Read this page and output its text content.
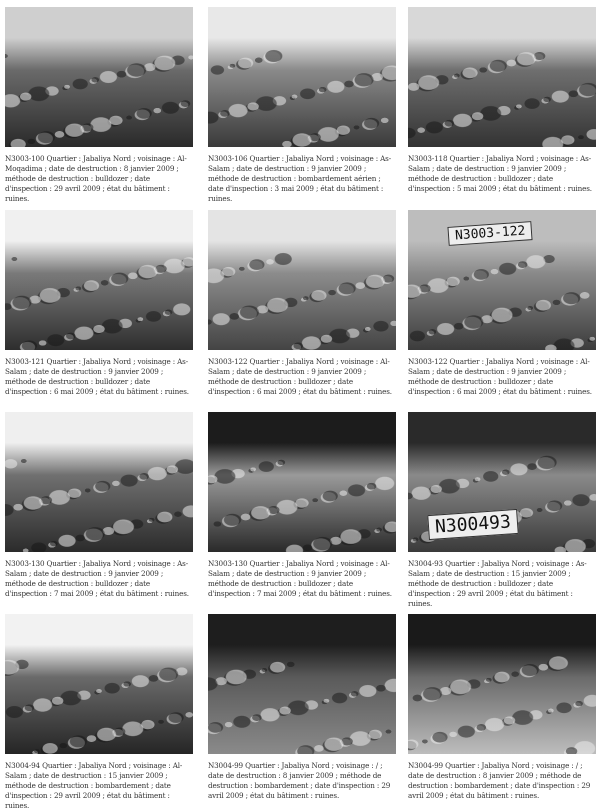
N3003-100 Quartier : Jabaliya Nord ; voisinage : Al-Moqadima ; date de destruction : 8 janvier 2009 ; méthode de destruction : bulldozer ; date d'inspection : 29 avril 2009 ; état du bâtiment : ruines.
N3003-106 Quartier : Jabaliya Nord ; voisinage : As-Salam ; date de destruction : 9 janvier 2009 ; méthode de destruction : bombardement aérien ; date d'inspection : 3 mai 2009 ; état du bâtiment : ruines.
N3003-118 Quartier : Jabaliya Nord ; voisinage : As-Salam ; date de destruction : 9 janvier 2009 ; méthode de destruction : bulldozer ; date d'inspection : 5 mai 2009 ; état du bâtiment : ruines.
N3003-121 Quartier : Jabaliya Nord ; voisinage : As-Salam ; date de destruction : 9 janvier 2009 ; méthode de destruction : bulldozer ; date d'inspection : 6 mai 2009 ; état du bâtiment : ruines.
N3003-122 Quartier : Jabaliya Nord ; voisinage : Al-Salam ; date de destruction : 9 janvier 2009 ; méthode de destruction : bulldozer ; date d'inspection : 6 mai 2009 ; état du bâtiment : ruines.
N3003-122
N3003-122 Quartier : Jabaliya Nord ; voisinage : Al-Salam ; date de destruction : 9 janvier 2009 ; méthode de destruction : bulldozer ; date d'inspection : 6 mai 2009 ; état du bâtiment : ruines.
N3003-130 Quartier : Jabaliya Nord ; voisinage : As-Salam ; date de destruction : 9 janvier 2009 ; méthode de destruction : bulldozer ; date d'inspection : 7 mai 2009 ; état du bâtiment : ruines.
N3003-130 Quartier : Jabaliya Nord ; voisinage : Al-Salam ; date de destruction : 9 janvier 2009 ; méthode de destruction : bulldozer ; date d'inspection : 7 mai 2009 ; état du bâtiment : ruines.
N300493
N3004-93 Quartier : Jabaliya Nord ; voisinage : As-Salam ; date de destruction : 15 janvier 2009 ; méthode de destruction : bulldozer ; date d'inspection : 29 avril 2009 ; état du bâtiment : ruines.
N3004-94 Quartier : Jabaliya Nord ; voisinage : Al-Salam ; date de destruction : 15 janvier 2009 ; méthode de destruction : bombardement ; date d'inspection : 29 avril 2009 ; état du bâtiment : ruines.
N3004-99 Quartier : Jabaliya Nord ; voisinage : / ; date de destruction : 8 janvier 2009 ; méthode de destruction : bombardement ; date d'inspection : 29 avril 2009 ; état du bâtiment : ruines.
N3004-99 Quartier : Jabaliya Nord ; voisinage : / ; date de destruction : 8 janvier 2009 ; méthode de destruction : bombardement ; date d'inspection : 29 avril 2009 ; état du bâtiment : ruines.
